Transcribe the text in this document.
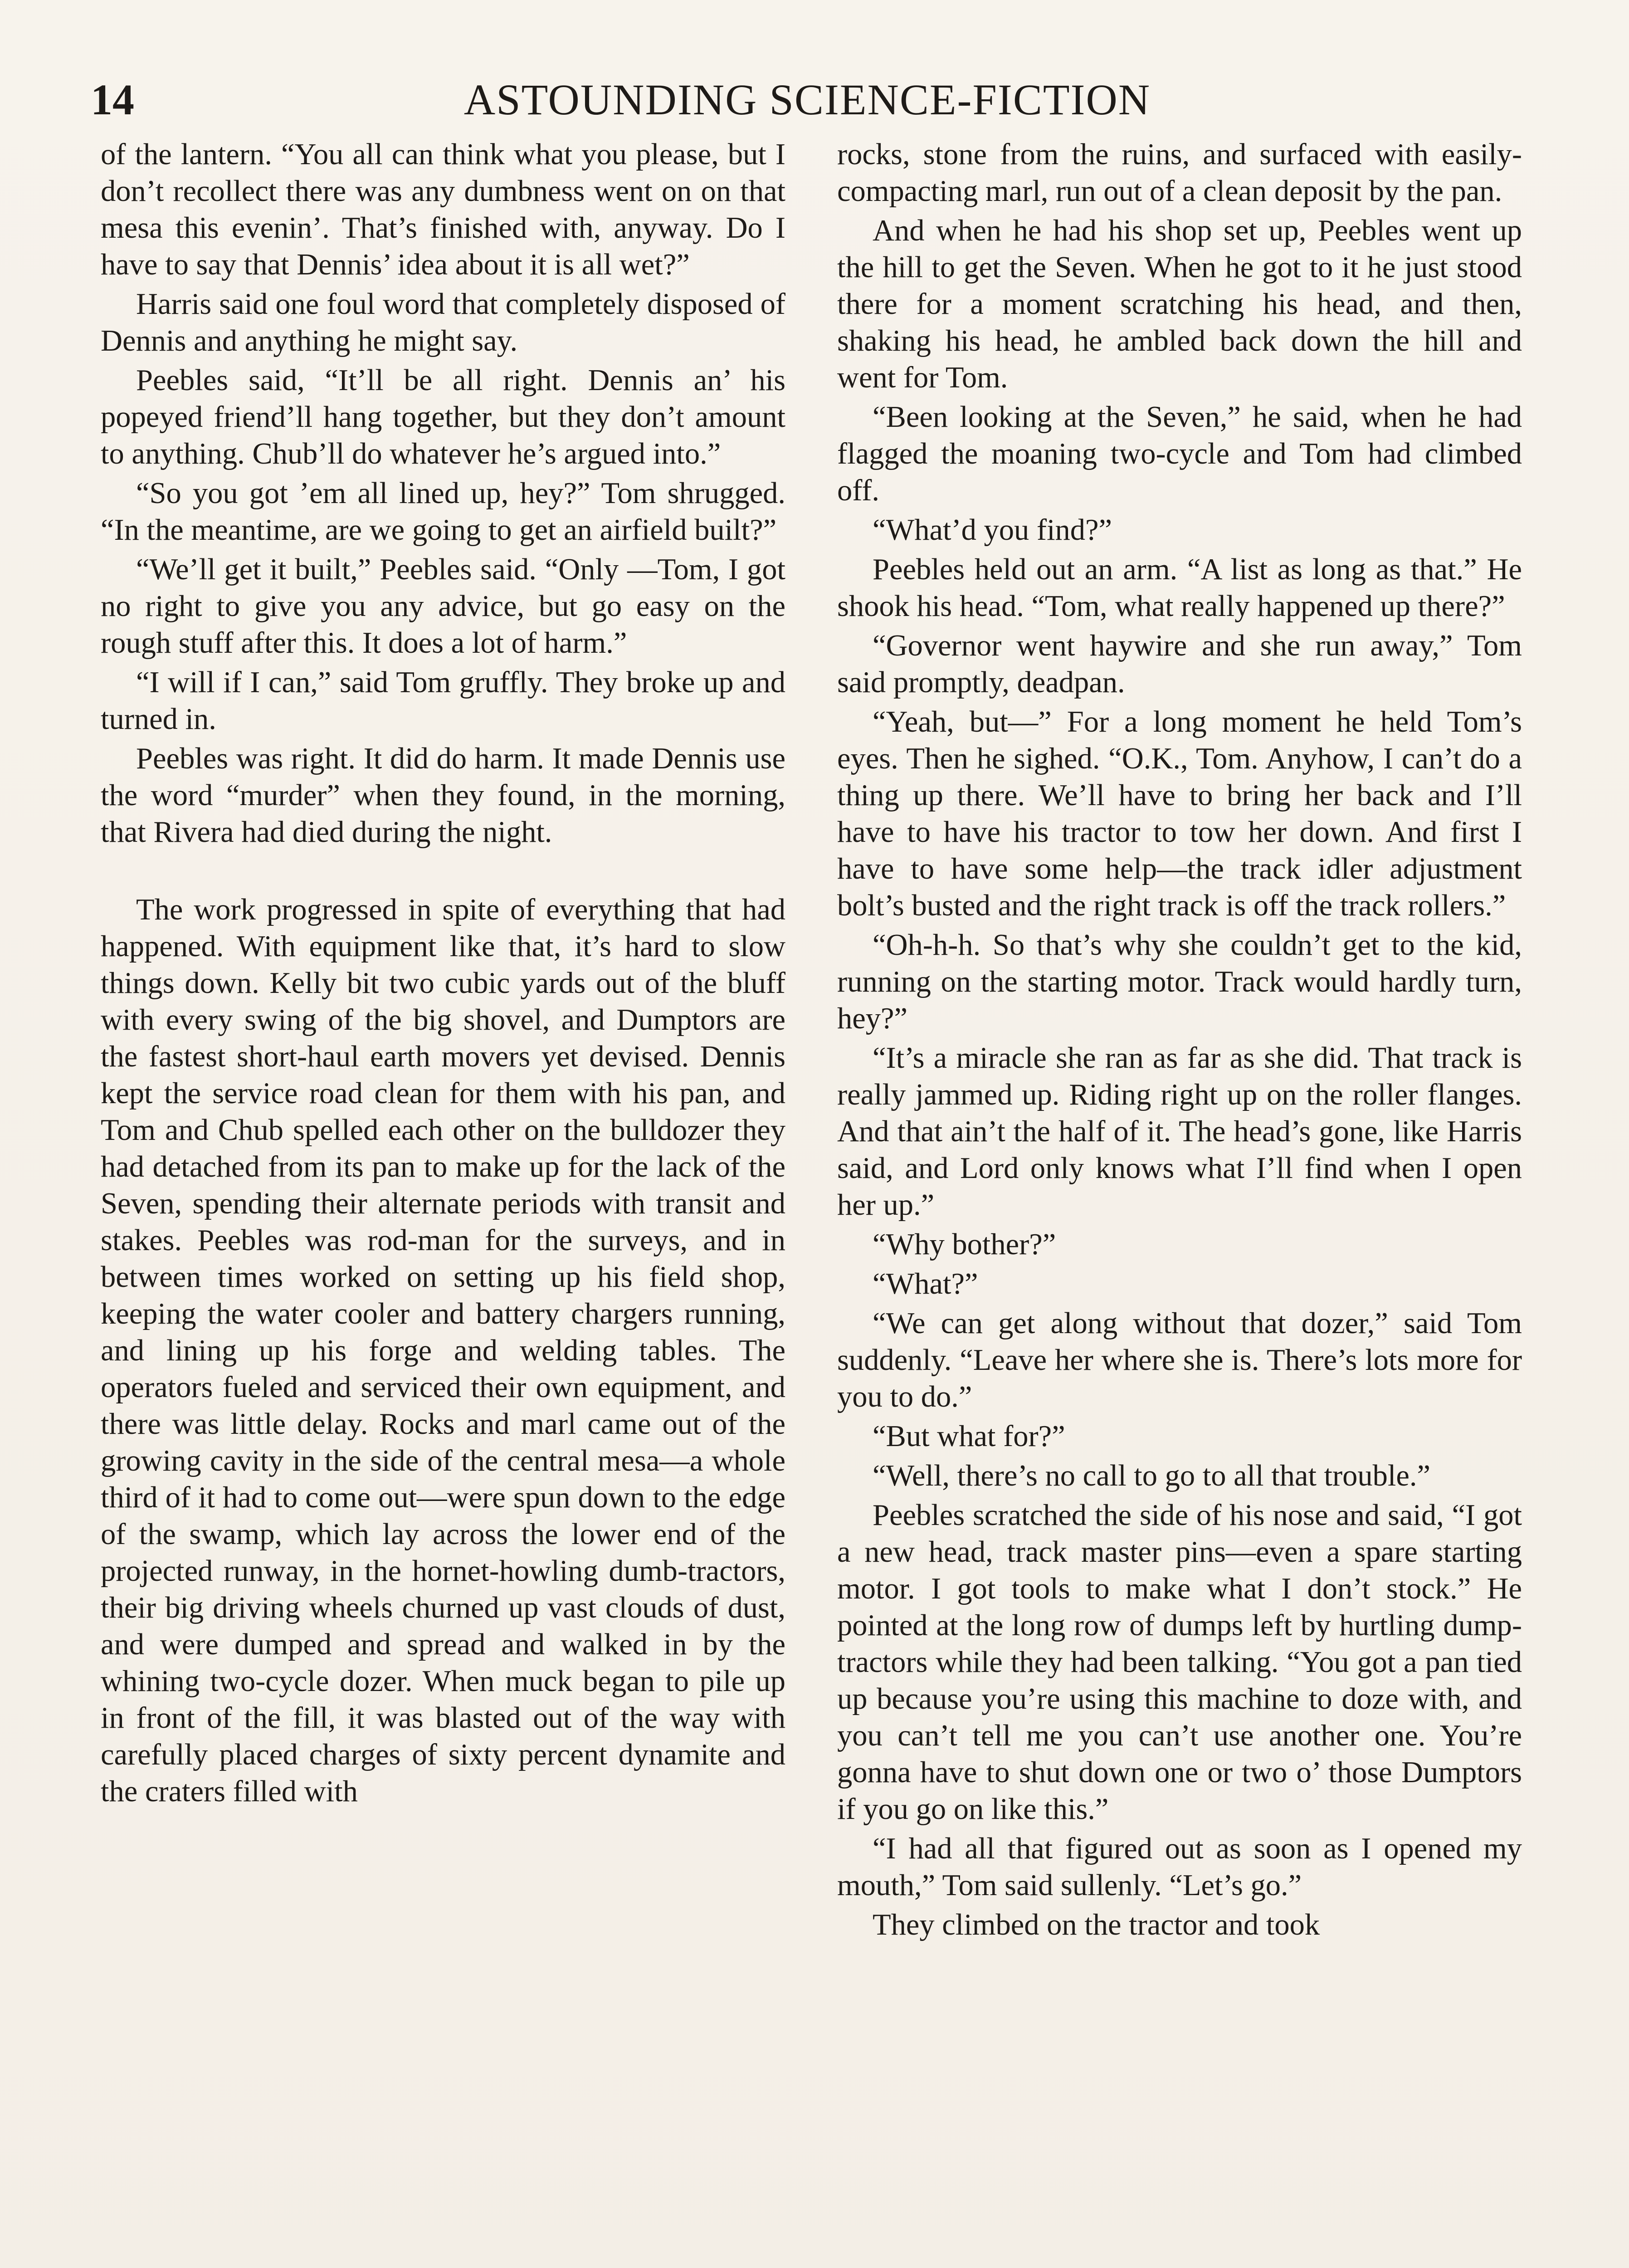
14	ASTOUNDING SCIENCE-FICTION

of the lantern. “You all can think what you please, but I don’t recollect there was any dumbness went on on that mesa this evenin’. That’s finished with, anyway. Do I have to say that Dennis’ idea about it is all wet?”

Harris said one foul word that completely disposed of Dennis and anything he might say.

Peebles said, “It’ll be all right. Dennis an’ his popeyed friend’ll hang together, but they don’t amount to anything. Chub’ll do whatever he’s argued into.”

“So you got ’em all lined up, hey?” Tom shrugged. “In the meantime, are we going to get an airfield built?”

“We’ll get it built,” Peebles said. “Only —Tom, I got no right to give you any advice, but go easy on the rough stuff after this. It does a lot of harm.”

“I will if I can,” said Tom gruffly. They broke up and turned in.

Peebles was right. It did do harm. It made Dennis use the word “murder” when they found, in the morning, that Rivera had died during the night.

The work progressed in spite of everything that had happened. With equipment like that, it’s hard to slow things down. Kelly bit two cubic yards out of the bluff with every swing of the big shovel, and Dumptors are the fastest short-haul earth movers yet devised. Dennis kept the service road clean for them with his pan, and Tom and Chub spelled each other on the bulldozer they had detached from its pan to make up for the lack of the Seven, spending their alternate periods with transit and stakes. Peebles was rod-man for the surveys, and in between times worked on setting up his field shop, keeping the water cooler and battery chargers running, and lining up his forge and welding tables. The operators fueled and serviced their own equipment, and there was little delay. Rocks and marl came out of the growing cavity in the side of the central mesa—a whole third of it had to come out—were spun down to the edge of the swamp, which lay across the lower end of the projected runway, in the hornet-howling dumb-tractors, their big driving wheels churned up vast clouds of dust, and were dumped and spread and walked in by the whining two-cycle dozer. When muck began to pile up in front of the fill, it was blasted out of the way with carefully placed charges of sixty percent dynamite and the craters filled with

rocks, stone from the ruins, and surfaced with easily-compacting marl, run out of a clean deposit by the pan.

And when he had his shop set up, Peebles went up the hill to get the Seven. When he got to it he just stood there for a moment scratching his head, and then, shaking his head, he ambled back down the hill and went for Tom.

“Been looking at the Seven,” he said, when he had flagged the moaning two-cycle and Tom had climbed off.

“What’d you find?”

Peebles held out an arm. “A list as long as that.” He shook his head. “Tom, what really happened up there?”

“Governor went haywire and she run away,” Tom said promptly, deadpan.

“Yeah, but—” For a long moment he held Tom’s eyes. Then he sighed. “O.K., Tom. Anyhow, I can’t do a thing up there. We’ll have to bring her back and I’ll have to have his tractor to tow her down. And first I have to have some help—the track idler adjustment bolt’s busted and the right track is off the track rollers.”

“Oh-h-h. So that’s why she couldn’t get to the kid, running on the starting motor. Track would hardly turn, hey?”

“It’s a miracle she ran as far as she did. That track is really jammed up. Riding right up on the roller flanges. And that ain’t the half of it. The head’s gone, like Harris said, and Lord only knows what I’ll find when I open her up.”

“Why bother?”

“What?”

“We can get along without that dozer,” said Tom suddenly. “Leave her where she is. There’s lots more for you to do.”

“But what for?”

“Well, there’s no call to go to all that trouble.”

Peebles scratched the side of his nose and said, “I got a new head, track master pins—even a spare starting motor. I got tools to make what I don’t stock.” He pointed at the long row of dumps left by hurtling dump-tractors while they had been talking. “You got a pan tied up because you’re using this machine to doze with, and you can’t tell me you can’t use another one. You’re gonna have to shut down one or two o’ those Dumptors if you go on like this.”

“I had all that figured out as soon as I opened my mouth,” Tom said sullenly. “Let’s go.”

They climbed on the tractor and took
